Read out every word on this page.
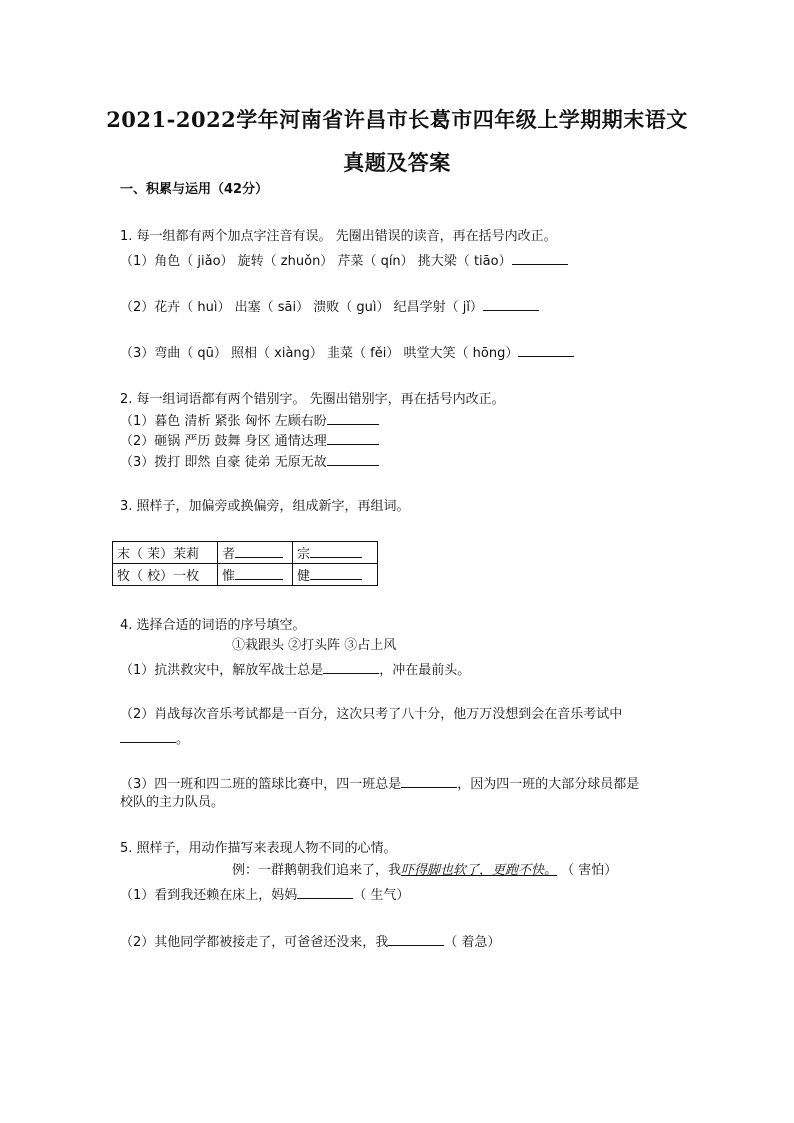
2021-2022学年河南省许昌市长葛市四年级上学期期末语文
真题及答案
一、积累与运用（42分）
1. 每一组都有两个加点字注音有误。 先圈出错误的读音，再在括号内改正。
（1）角色（ jiǎo） 旋转（ zhuǒn） 芹菜（ qín） 挑大梁（ tiāo）
（2）花卉（ huì） 出塞（ sāi） 溃败（ guì） 纪昌学射（ jǐ）
（3）弯曲（ qū） 照相（ xiàng） 韭菜（ fěi） 哄堂大笑（ hōng）
2. 每一组词语都有两个错别字。 先圈出错别字，再在括号内改正。
（1）暮色 清析 紧张 匈怀 左顾右盼
（2）砸锅 严历 鼓舞 身区 通情达理
（3）拨打 即然 自豪 徒弟 无原无故
3. 照样子，加偏旁或换偏旁，组成新字，再组词。
末（ 茉）茉莉	者	宗
牧（ 校）一枚	惟	健
4. 选择合适的词语的序号填空。
①栽跟头 ②打头阵 ③占上风
（1）抗洪救灾中，解放军战士总是	，冲在最前头。
（2）肖战每次音乐考试都是一百分，这次只考了八十分，他万万没想到会在音乐考试中
。
（3）四一班和四二班的篮球比赛中，四一班总是	，因为四一班的大部分球员都是
校队的主力队员。
5. 照样子，用动作描写来表现人物不同的心情。
例：一群鹅朝我们追来了，我吓得脚也软了，更跑不快。 （ 害怕）
（1）看到我还赖在床上，妈妈	（ 生气）
（2）其他同学都被接走了，可爸爸还没来，我	（ 着急）
